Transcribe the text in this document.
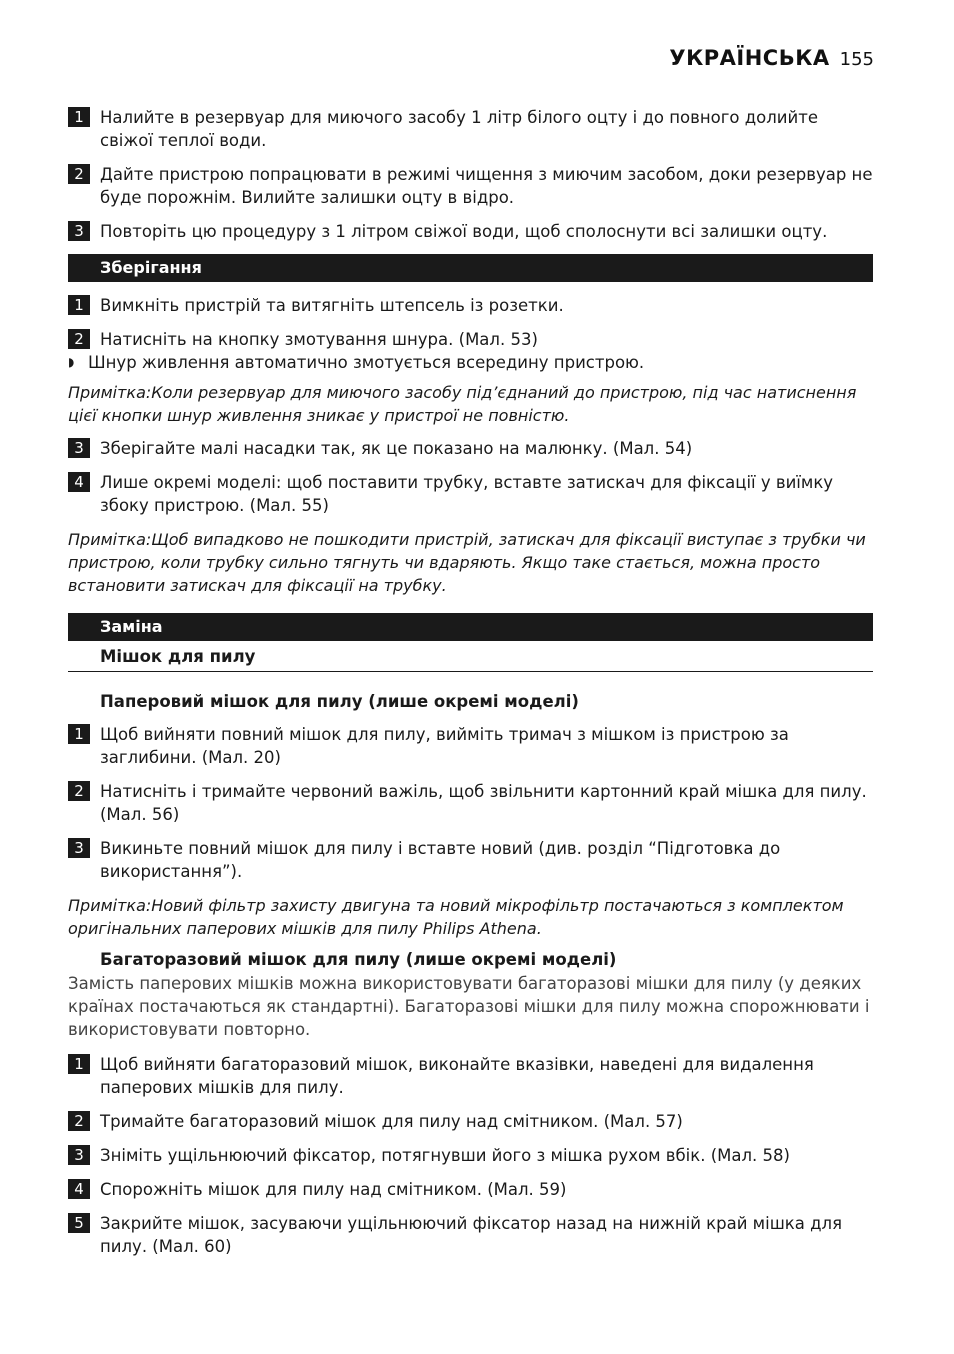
УКРАЇНСЬКА 155
1 Налийте в резервуар для миючого засобу 1 літр білого оцту і до повного долийте свіжої теплої води.
2 Дайте пристрою попрацювати в режимі чищення з миючим засобом, доки резервуар не буде порожнім. Вилийте залишки оцту в відро.
3 Повторіть цю процедуру з 1 літром свіжої води, щоб сполоснути всі залишки оцту.
Зберігання
1 Вимкніть пристрій та витягніть штепсель із розетки.
2 Натисніть на кнопку змотування шнура. (Мал. 53)
◗ Шнур живлення автоматично змотується всередину пристрою.
Примітка:Коли резервуар для миючого засобу під’єднаний до пристрою, під час натиснення цієї кнопки шнур живлення зникає у пристрої не повністю.
3 Зберігайте малі насадки так, як це показано на малюнку. (Мал. 54)
4 Лише окремі моделі: щоб поставити трубку, вставте затискач для фіксації у виїмку збоку пристрою. (Мал. 55)
Примітка:Щоб випадково не пошкодити пристрій, затискач для фіксації виступає з трубки чи пристрою, коли трубку сильно тягнуть чи вдаряють. Якщо таке стається, можна просто встановити затискач для фіксації на трубку.
Заміна
Мішок для пилу
Паперовий мішок для пилу (лише окремі моделі)
1 Щоб вийняти повний мішок для пилу, вийміть тримач з мішком із пристрою за заглибини. (Мал. 20)
2 Натисніть і тримайте червоний важіль, щоб звільнити картонний край мішка для пилу. (Мал. 56)
3 Викиньте повний мішок для пилу і вставте новий (див. розділ “Підготовка до використання”).
Примітка:Новий фільтр захисту двигуна та новий мікрофільтр постачаються з комплектом оригінальних паперових мішків для пилу Philips Athena.
Багаторазовий мішок для пилу (лише окремі моделі)
Замість паперових мішків можна використовувати багаторазові мішки для пилу (у деяких країнах постачаються як стандартні). Багаторазові мішки для пилу можна спорожнювати і використовувати повторно.
1 Щоб вийняти багаторазовий мішок, виконайте вказівки, наведені для видалення паперових мішків для пилу.
2 Тримайте багаторазовий мішок для пилу над смітником. (Мал. 57)
3 Зніміть ущільнюючий фіксатор, потягнувши його з мішка рухом вбік. (Мал. 58)
4 Спорожніть мішок для пилу над смітником. (Мал. 59)
5 Закрийте мішок, засуваючи ущільнюючий фіксатор назад на нижній край мішка для пилу. (Мал. 60)
